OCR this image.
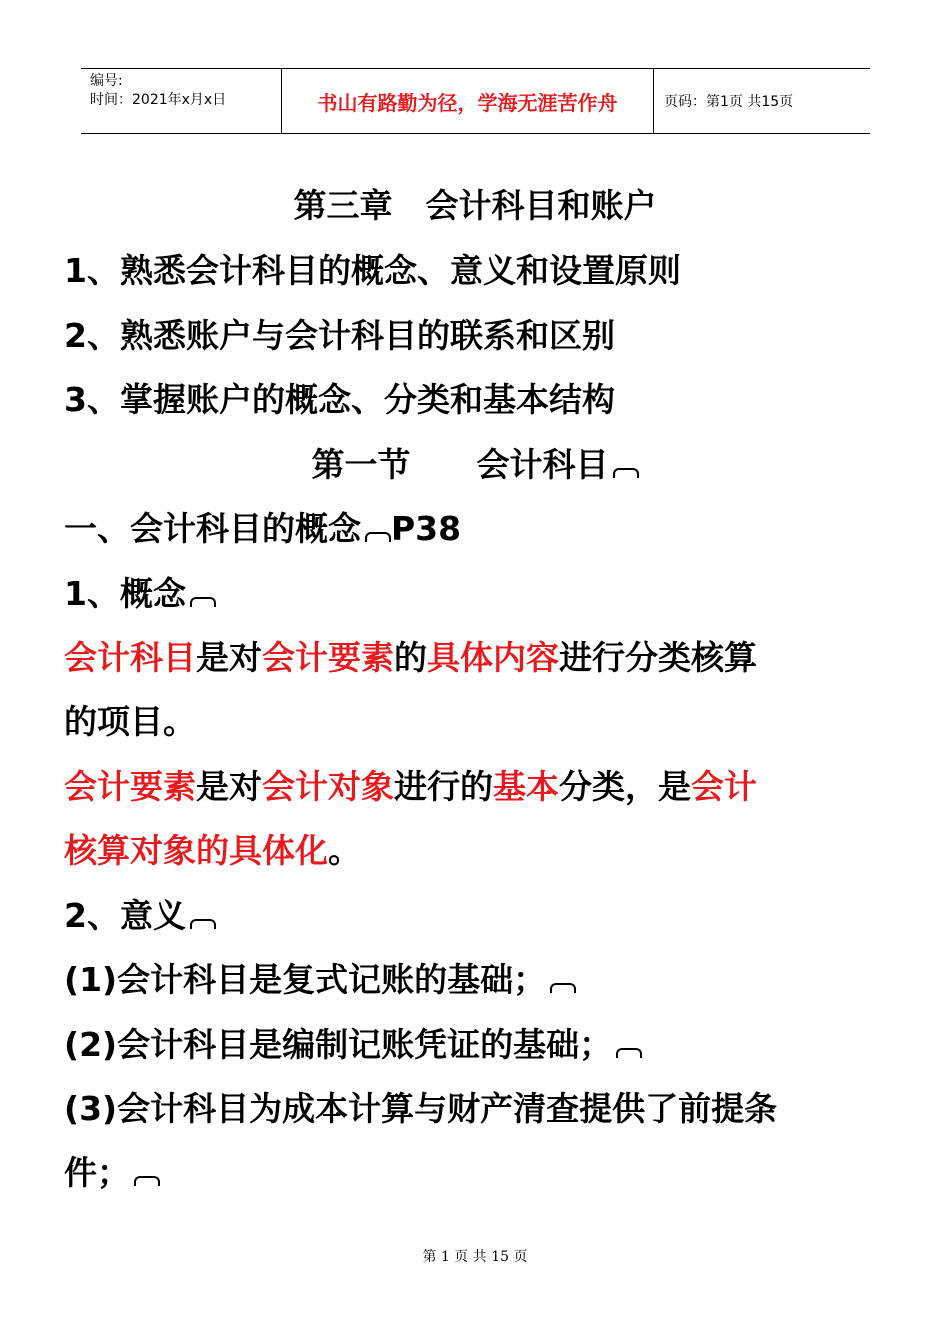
编号:
时间：2021年x月x日	书山有路勤为径，学海无涯苦作舟	页码：第1页 共15页
第三章　会计科目和账户
1、熟悉会计科目的概念、意义和设置原则
2、熟悉账户与会计科目的联系和区别
3、掌握账户的概念、分类和基本结构
第一节　　会计科目
一、会计科目的概念 P38
1、概念
会计科目是对会计要素的具体内容进行分类核算
的项目。
会计要素是对会计对象进行的基本分类，是会计
核算对象的具体化。
2、意义
(1)会计科目是复式记账的基础；
(2)会计科目是编制记账凭证的基础；
(3)会计科目为成本计算与财产清查提供了前提条
件；
第 1 页 共 15 页
